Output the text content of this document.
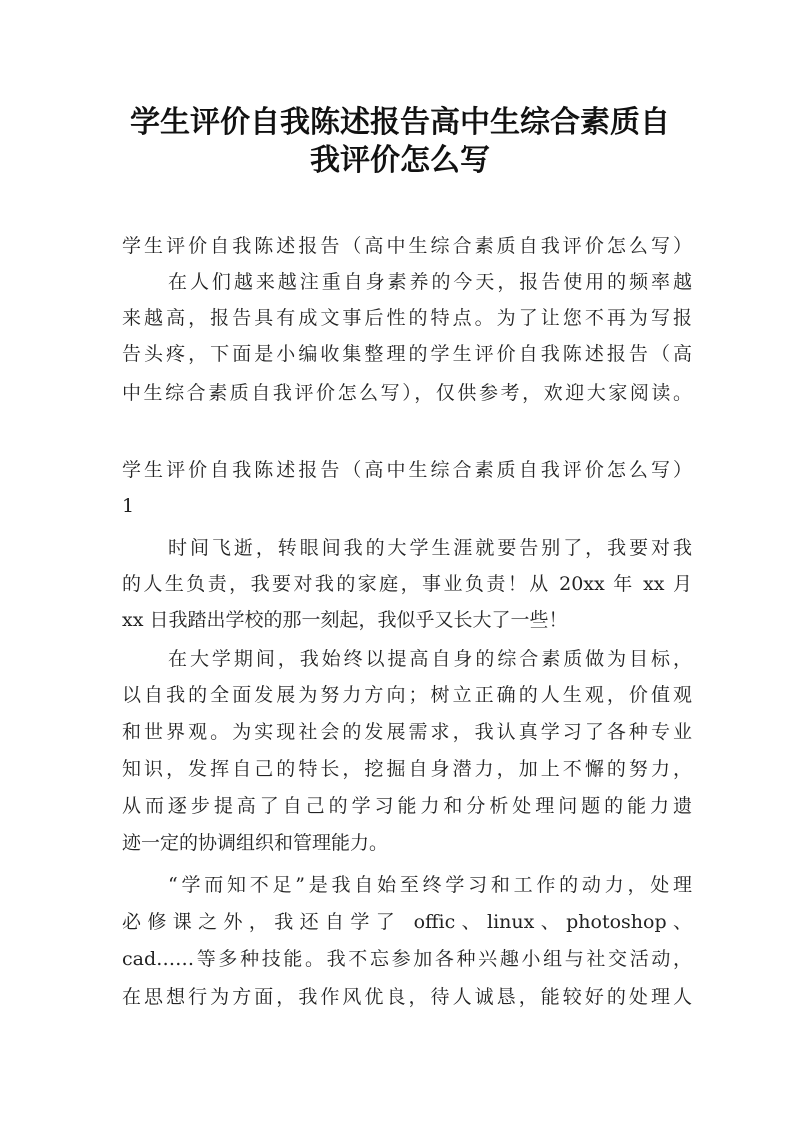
学生评价自我陈述报告高中生综合素质自
我评价怎么写

学生评价自我陈述报告（高中生综合素质自我评价怎么写）

在人们越来越注重自身素养的今天，报告使用的频率越

来越高，报告具有成文事后性的特点。为了让您不再为写报

告头疼，下面是小编收集整理的学生评价自我陈述报告（高

中生综合素质自我评价怎么写），仅供参考，欢迎大家阅读。

学生评价自我陈述报告（高中生综合素质自我评价怎么写）

1

时间飞逝，转眼间我的大学生涯就要告别了，我要对我

的人生负责，我要对我的家庭，事业负责！从 20xx 年 xx 月

xx 日我踏出学校的那一刻起，我似乎又长大了一些！

在大学期间，我始终以提高自身的综合素质做为目标，

以自我的全面发展为努力方向；树立正确的人生观，价值观

和世界观。为实现社会的发展需求，我认真学习了各种专业

知识，发挥自己的特长，挖掘自身潜力，加上不懈的努力，

从而逐步提高了自己的学习能力和分析处理问题的能力遗

迹一定的协调组织和管理能力。

“学而知不足”是我自始至终学习和工作的动力，处理

必修课之外，我还自学了 offic、linux、photoshop、

cad……等多种技能。我不忘参加各种兴趣小组与社交活动，

在思想行为方面，我作风优良，待人诚恳，能较好的处理人
